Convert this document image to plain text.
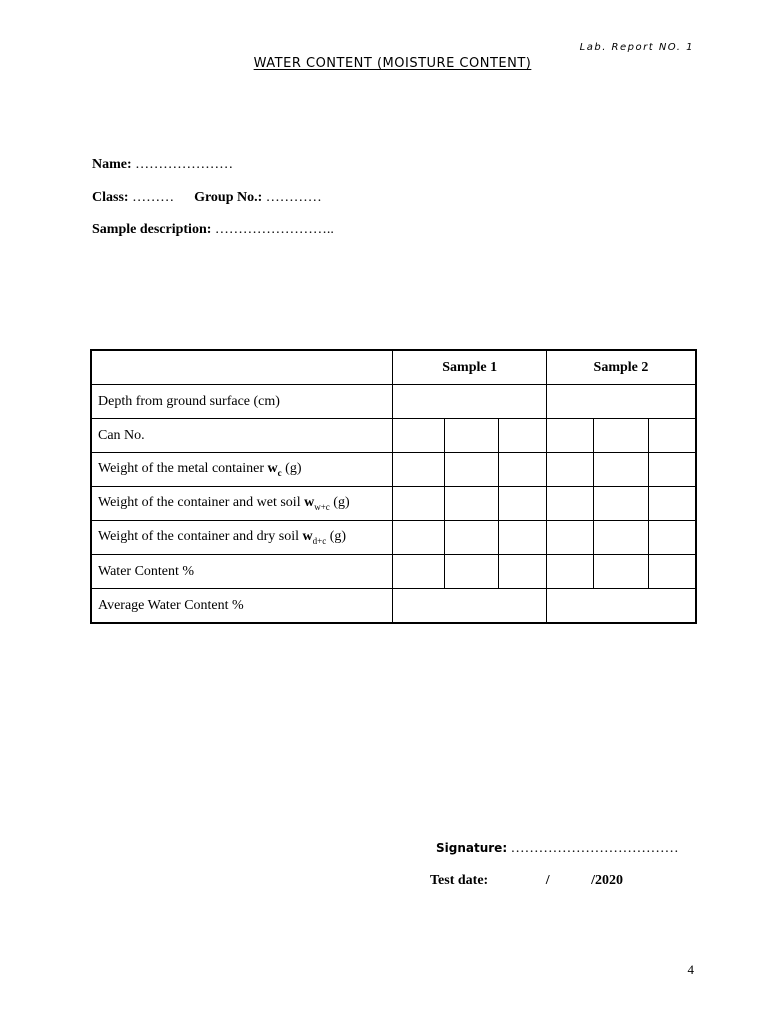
Lab. Report NO. 1
WATER CONTENT (MOISTURE CONTENT)
Name: …………………
Class: ……… Group No.: …………
Sample description: ……………………..
	Sample 1			Sample 2		
Depth from ground surface (cm)						
Can No.						
Weight of the metal container $w_c$ (g)						
Weight of the container and wet soil $w_{w+c}$ (g)						
Weight of the container and dry soil $w_{d+c}$ (g)						
Water Content %						
Average Water Content %						
Signature: ………………………………
Test date:	/	/2020
4
